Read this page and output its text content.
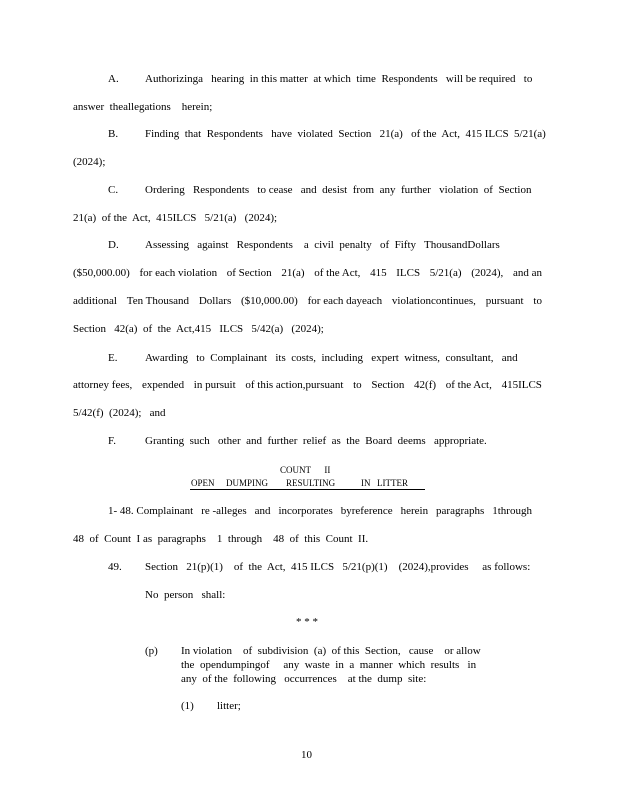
A. Authorizinga   hearing  in this matter  at which  time  Respondents   will be required   to
answer  theallegations    herein;
B. Finding  that  Respondents   have  violated  Section   21(a)   of the  Act,  415 ILCS  5/21(a)
(2024);
C. Ordering   Respondents   to cease   and  desist  from  any  further   violation  of  Section
21(a)  of the  Act,  415ILCS   5/21(a)   (2024);
D. Assessing   against   Respondents    a  civil  penalty   of  Fifty   ThousandDollars
($50,000.00) for each violation of Section 21(a) of the Act, 415 ILCS 5/21(a) (2024), and an
additional Ten Thousand Dollars ($10,000.00) for each dayeach violationcontinues, pursuant to
Section   42(a)  of  the  Act,415   ILCS   5/42(a)   (2024);
E.	Awarding   to  Complainant   its  costs,  including   expert  witness,  consultant,   and
attorney fees, expended in pursuit of this action,pursuant to Section 42(f) of the Act, 415ILCS
5/42(f)  (2024);   and
F.	Granting  such   other  and  further  relief  as  the  Board  deems   appropriate.
COUNT      II
OPEN DUMPING RESULTING	IN LITTER
1- 48. Complainant re -alleges and incorporates byreference herein paragraphs 1through
48  of  Count  I as  paragraphs    1  through    48  of  this  Count  II.
49. Section   21(p)(1)    of  the  Act,  415 ILCS   5/21(p)(1)    (2024),provides     as follows:
No  person   shall:
* * *
(p) In violation    of  subdivision  (a)  of this  Section,   cause    or allow
the  opendumpingof     any  waste  in  a  manner  which  results   in
any  of the  following   occurrences    at the  dump  site:
(1) litter;
10
